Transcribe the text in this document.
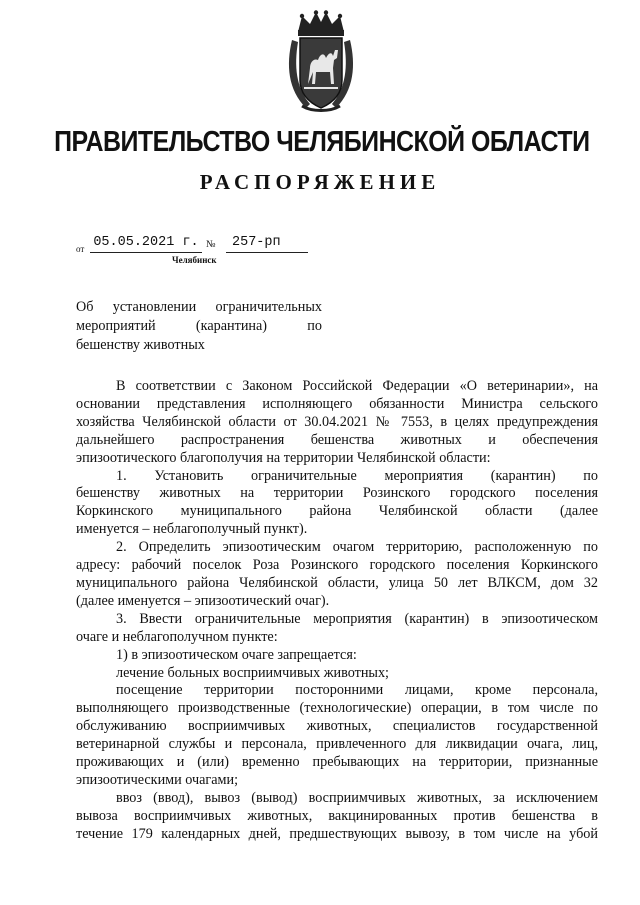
ПРАВИТЕЛЬСТВО ЧЕЛЯБИНСКОЙ ОБЛАСТИ
РАСПОРЯЖЕНИЕ
от 05.05.2021 г. №	257-рп
Челябинск
Об установлении ограничительных
мероприятий (карантина) по
бешенству животных
В соответствии с Законом Российской Федерации «О ветеринарии», на
основании представления исполняющего обязанности Министра сельского
хозяйства Челябинской области от 30.04.2021 № 7553, в целях предупреждения
дальнейшего распространения бешенства животных и обеспечения
эпизоотического благополучия на территории Челябинской области:
1. Установить ограничительные мероприятия (карантин) по
бешенству животных на территории Розинского городского поселения
Коркинского муниципального района Челябинской области (далее
именуется – неблагополучный пункт).
2. Определить эпизоотическим очагом территорию, расположенную по
адресу: рабочий поселок Роза Розинского городского поселения Коркинского
муниципального района Челябинской области, улица 50 лет ВЛКСМ, дом 32
(далее именуется – эпизоотический очаг).
3. Ввести ограничительные мероприятия (карантин) в эпизоотическом
очаге и неблагополучном пункте:
1) в эпизоотическом очаге запрещается:
лечение больных восприимчивых животных;
посещение территории посторонними лицами, кроме персонала,
выполняющего производственные (технологические) операции, в том числе по
обслуживанию восприимчивых животных, специалистов государственной
ветеринарной службы и персонала, привлеченного для ликвидации очага, лиц,
проживающих и (или) временно пребывающих на территории, признанные
эпизоотическими очагами;
ввоз (ввод), вывоз (вывод) восприимчивых животных, за исключением
вывоза восприимчивых животных, вакцинированных против бешенства в
течение 179 календарных дней, предшествующих вывозу, в том числе на убой
